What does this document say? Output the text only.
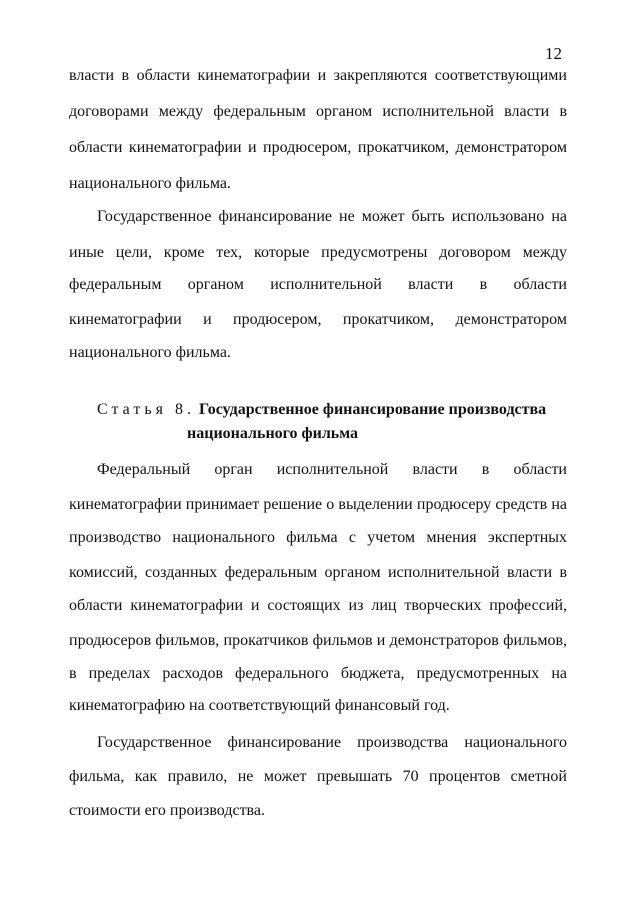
12
власти в области кинематографии и закрепляются соответствующими
договорами между федеральным органом исполнительной власти в
области кинематографии и продюсером, прокатчиком, демонстратором
национального фильма.
Государственное финансирование не может быть использовано на
иные цели, кроме тех, которые предусмотрены договором между
федеральным органом исполнительной власти в области
кинематографии и продюсером, прокатчиком, демонстратором
национального фильма.
Статья 8. Государственное финансирование производства
национального фильма
Федеральный орган исполнительной власти в области
кинематографии принимает решение о выделении продюсеру средств на
производство национального фильма с учетом мнения экспертных
комиссий, созданных федеральным органом исполнительной власти в
области кинематографии и состоящих из лиц творческих профессий,
продюсеров фильмов, прокатчиков фильмов и демонстраторов фильмов,
в пределах расходов федерального бюджета, предусмотренных на
кинематографию на соответствующий финансовый год.
Государственное финансирование производства национального
фильма, как правило, не может превышать 70 процентов сметной
стоимости его производства.
